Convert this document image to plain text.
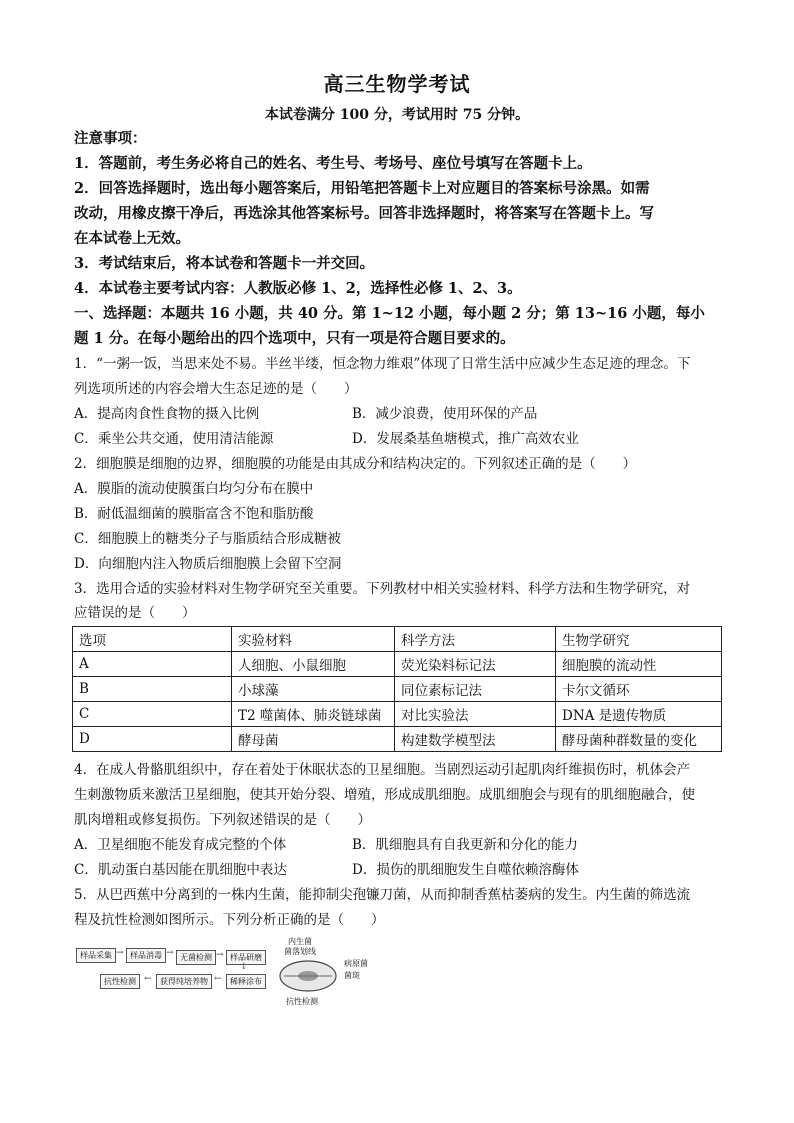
高三生物学考试
本试卷满分 100 分，考试用时 75 分钟。
注意事项：
1．答题前，考生务必将自己的姓名、考生号、考场号、座位号填写在答题卡上。
2．回答选择题时，选出每小题答案后，用铅笔把答题卡上对应题目的答案标号涂黑。如需
改动，用橡皮擦干净后，再选涂其他答案标号。回答非选择题时，将答案写在答题卡上。写
在本试卷上无效。
3．考试结束后，将本试卷和答题卡一并交回。
4．本试卷主要考试内容：人教版必修 1、2，选择性必修 1、2、3。
一、选择题：本题共 16 小题，共 40 分。第 1~12 小题，每小题 2 分；第 13~16 小题，每小
题 1 分。在每小题给出的四个选项中，只有一项是符合题目要求的。
1．“一粥一饭，当思来处不易。半丝半缕，恒念物力维艰”体现了日常生活中应减少生态足迹的理念。下
列选项所述的内容会增大生态足迹的是（　　）
A．提高肉食性食物的摄入比例	B．减少浪费，使用环保的产品
C．乘坐公共交通，使用清洁能源	D．发展桑基鱼塘模式，推广高效农业
2．细胞膜是细胞的边界，细胞膜的功能是由其成分和结构决定的。下列叙述正确的是（　　）
A．膜脂的流动使膜蛋白均匀分布在膜中
B．耐低温细菌的膜脂富含不饱和脂肪酸
C．细胞膜上的糖类分子与脂质结合形成糖被
D．向细胞内注入物质后细胞膜上会留下空洞
3．选用合适的实验材料对生物学研究至关重要。下列教材中相关实验材料、科学方法和生物学研究，对
应错误的是（　　）
选项	实验材料	科学方法	生物学研究
A	人细胞、小鼠细胞	荧光染料标记法	细胞膜的流动性
B	小球藻	同位素标记法	卡尔文循环
C	T2 噬菌体、肺炎链球菌	对比实验法	DNA 是遗传物质
D	酵母菌	构建数学模型法	酵母菌种群数量的变化
4．在成人骨骼肌组织中，存在着处于休眠状态的卫星细胞。当剧烈运动引起肌肉纤维损伤时，机体会产
生刺激物质来激活卫星细胞，使其开始分裂、增殖，形成成肌细胞。成肌细胞会与现有的肌细胞融合，使
肌肉增粗或修复损伤。下列叙述错误的是（　　）
A．卫星细胞不能发育成完整的个体	B．肌细胞具有自我更新和分化的能力
C．肌动蛋白基因能在肌细胞中表达	D．损伤的肌细胞发生自噬依赖溶酶体
5．从巴西蕉中分离到的一株内生菌，能抑制尖孢镰刀菌，从而抑制香蕉枯萎病的发生。内生菌的筛选流
程及抗性检测如图所示。下列分析正确的是（　　）
样品采集 → 样品消毒 → 无菌检测 → 样品研磨
↓
稀释涂布
←
获得纯培养物
←
抗性检测
内生菌
菌落划线
病原菌
菌斑
抗性检测
